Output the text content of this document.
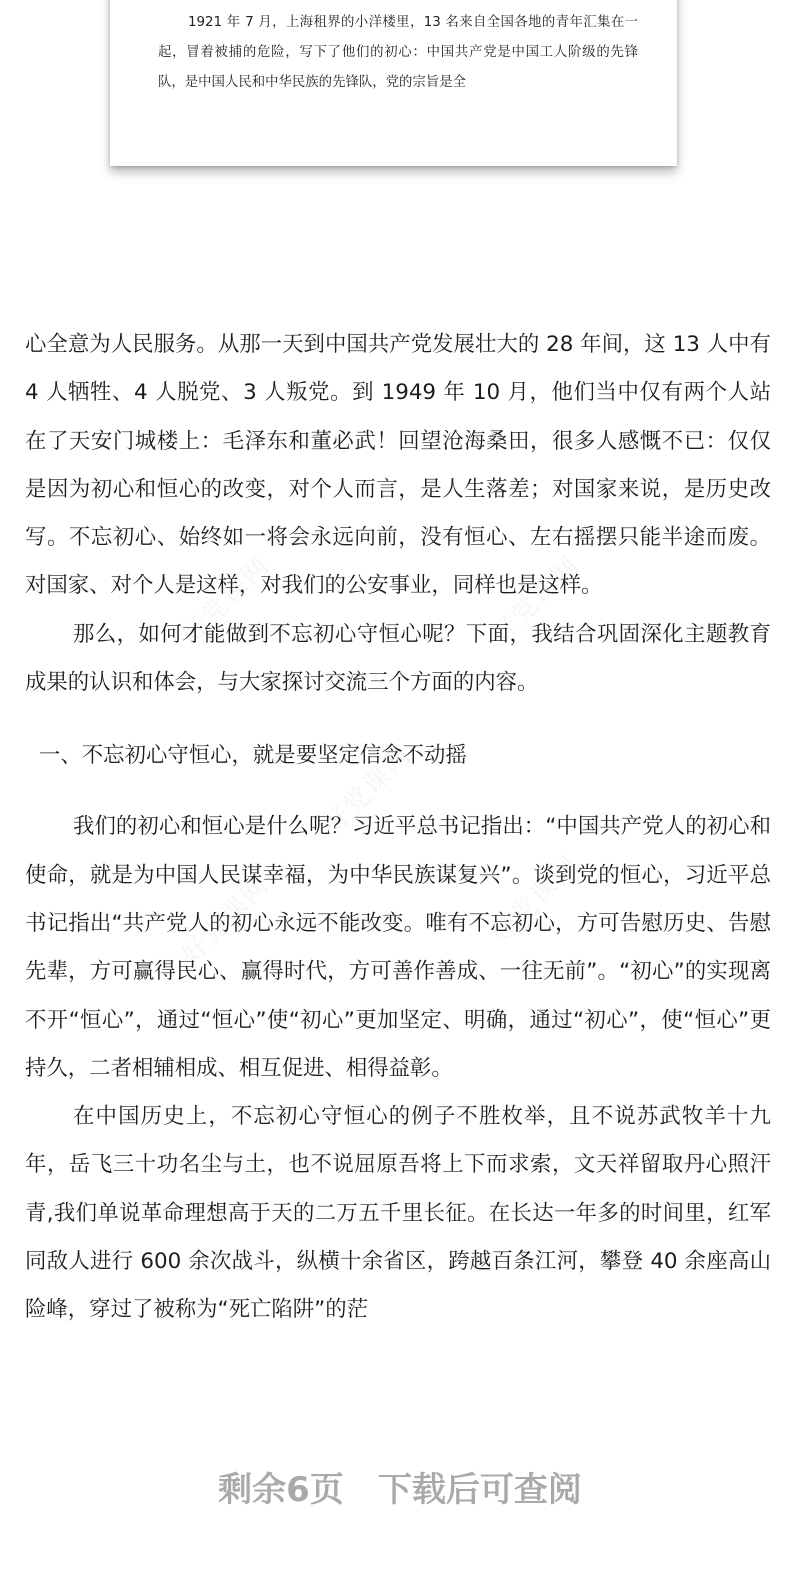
1921 年 7 月，上海租界的小洋楼里，13 名来自全国各地的青年汇集在一起，冒着被捕的危险，写下了他们的初心：中国共产党是中国工人阶级的先锋队，是中国人民和中华民族的先锋队，党的宗旨是全

心全意为人民服务。从那一天到中国共产党发展壮大的 28 年间，这 13 人中有 4 人牺牲、4 人脱党、3 人叛党。到 1949 年 10 月，他们当中仅有两个人站在了天安门城楼上：毛泽东和董必武！回望沧海桑田，很多人感慨不已：仅仅是因为初心和恒心的改变，对个人而言，是人生落差；对国家来说，是历史改写。不忘初心、始终如一将会永远向前，没有恒心、左右摇摆只能半途而废。对国家、对个人是这样，对我们的公安事业，同样也是这样。

那么，如何才能做到不忘初心守恒心呢？下面，我结合巩固深化主题教育成果的认识和体会，与大家探讨交流三个方面的内容。

一、不忘初心守恒心，就是要坚定信念不动摇

我们的初心和恒心是什么呢？习近平总书记指出：“中国共产党人的初心和使命，就是为中国人民谋幸福，为中华民族谋复兴”。谈到党的恒心，习近平总书记指出“共产党人的初心永远不能改变。唯有不忘初心，方可告慰历史、告慰先辈，方可赢得民心、赢得时代，方可善作善成、一往无前”。“初心”的实现离不开“恒心”，通过“恒心”使“初心”更加坚定、明确，通过“初心”，使“恒心”更持久，二者相辅相成、相互促进、相得益彰。

在中国历史上，不忘初心守恒心的例子不胜枚举，且不说苏武牧羊十九年，岳飞三十功名尘与土，也不说屈原吾将上下而求索，文天祥留取丹心照汗青,我们单说革命理想高于天的二万五千里长征。在长达一年多的时间里，红军同敌人进行 600 余次战斗，纵横十余省区，跨越百条江河，攀登 40 余座高山险峰，穿过了被称为“死亡陷阱”的茫

剩余6页 下载后可查阅
